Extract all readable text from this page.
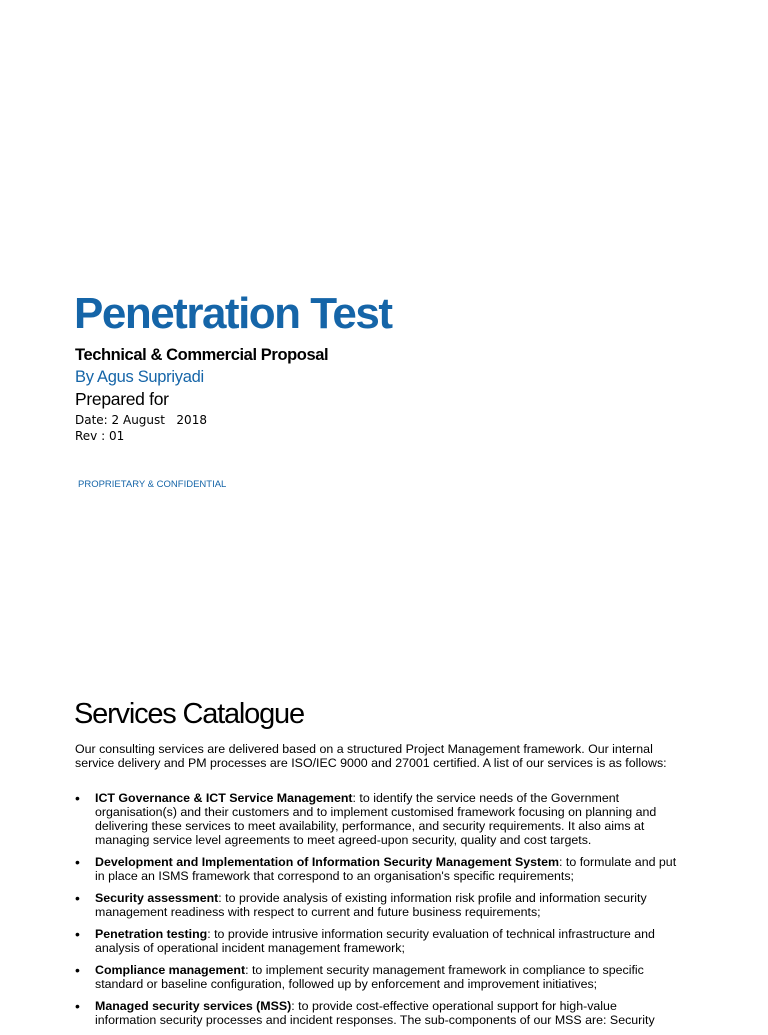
Penetration Test
Technical & Commercial Proposal
By Agus Supriyadi
Prepared for
Date: 2 August   2018
Rev : 01
PROPRIETARY & CONFIDENTIAL
Services Catalogue
Our consulting services are delivered based on a structured Project Management framework. Our internal service delivery and PM processes are ISO/IEC 9000 and 27001 certified. A list of our services is as follows:
• ICT Governance & ICT Service Management: to identify the service needs of the Government organisation(s) and their customers and to implement customised framework focusing on planning and delivering these services to meet availability, performance, and security requirements. It also aims at managing service level agreements to meet agreed-upon security, quality and cost targets.
• Development and Implementation of Information Security Management System: to formulate and put in place an ISMS framework that correspond to an organisation's specific requirements;
• Security assessment: to provide analysis of existing information risk profile and information security management readiness with respect to current and future business requirements;
• Penetration testing: to provide intrusive information security evaluation of technical infrastructure and analysis of operational incident management framework;
• Compliance management: to implement security management framework in compliance to specific standard or baseline configuration, followed up by enforcement and improvement initiatives;
• Managed security services (MSS): to provide cost-effective operational support for high-value information security processes and incident responses. The sub-components of our MSS are: Security
